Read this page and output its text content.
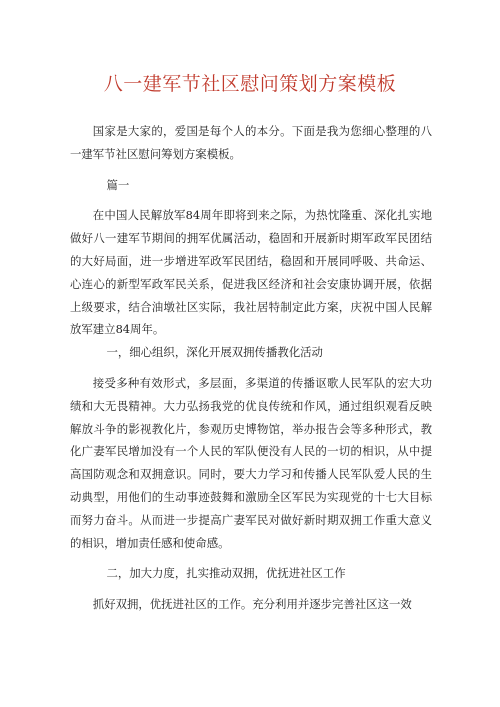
八一建军节社区慰问策划方案模板

国家是大家的，爱国是每个人的本分。下面是我为您细心整理的八一建军节社区慰问筹划方案模板。

篇一

在中国人民解放军84周年即将到来之际，为热忱隆重、深化扎实地做好八一建军节期间的拥军优属活动，稳固和开展新时期军政军民团结的大好局面，进一步增进军政军民团结，稳固和开展同呼吸、共命运、心连心的新型军政军民关系，促进我区经济和社会安康协调开展，依据上级要求，结合油墩社区实际，我社居特制定此方案，庆祝中国人民解放军建立84周年。

一，细心组织，深化开展双拥传播教化活动

接受多种有效形式，多层面，多渠道的传播讴歌人民军队的宏大功绩和大无畏精神。大力弘扬我党的优良传统和作风，通过组织观看反映解放斗争的影视教化片，参观历史博物馆，举办报告会等多种形式，教化广妻军民增加没有一个人民的军队便没有人民的一切的相识，从中提高国防观念和双拥意识。同时，要大力学习和传播人民军队爱人民的生动典型，用他们的生动事迹鼓舞和激励全区军民为实现党的十七大目标而努力奋斗。从而进一步提高广妻军民对做好新时期双拥工作重大意义的相识，增加责任感和使命感。

二，加大力度，扎实推动双拥，优抚进社区工作

抓好双拥，优抚进社区的工作。充分利用并逐步完善社区这一效
